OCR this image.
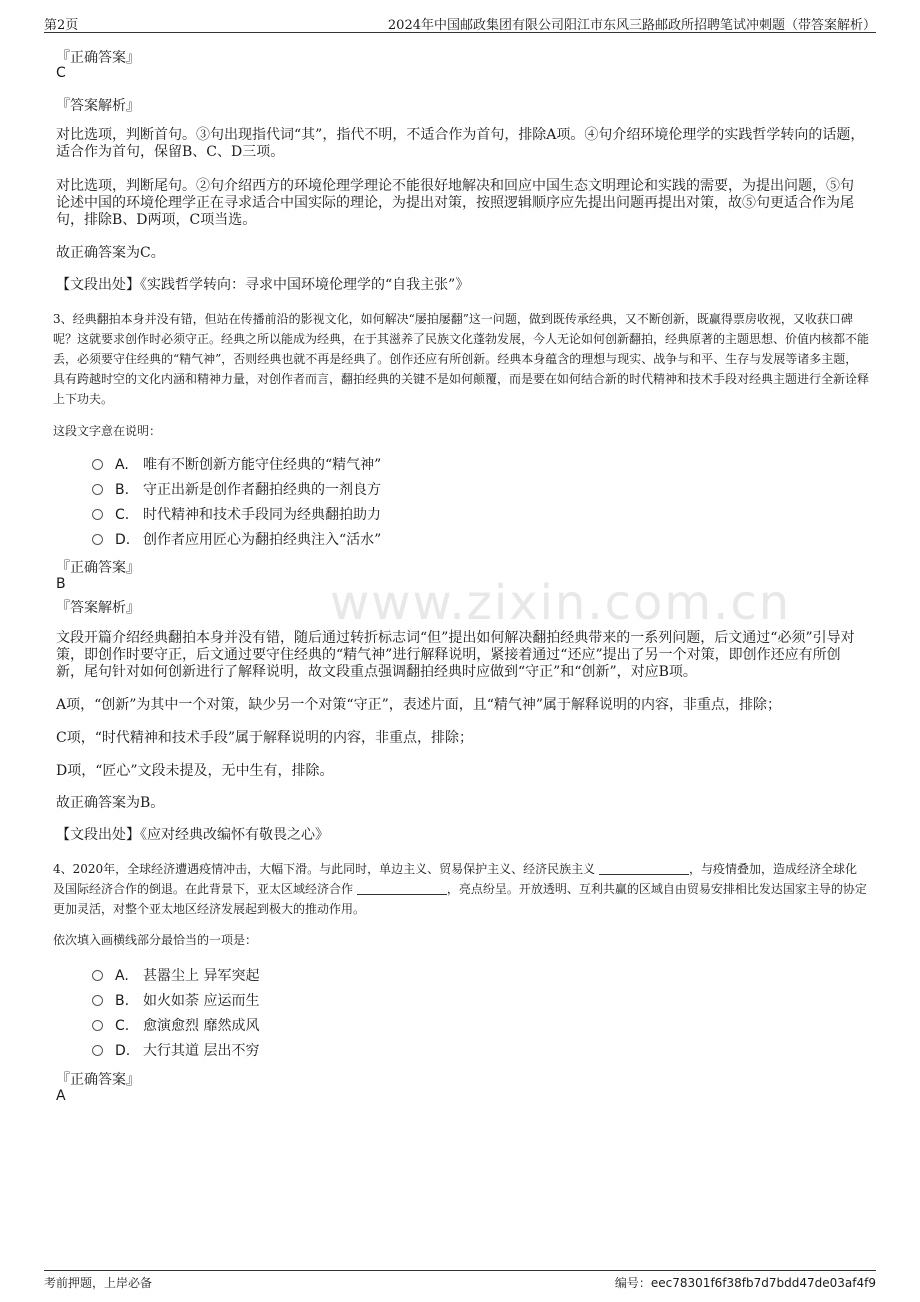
第2页	2024年中国邮政集团有限公司阳江市东风三路邮政所招聘笔试冲刺题（带答案解析）
www.zixin.com.cn
『正确答案』
C
『答案解析』
对比选项，判断首句。③句出现指代词“其”，指代不明，不适合作为首句，排除A项。④句介绍环境伦理学的实践哲学转向的话题，适合作为首句，保留B、C、D三项。
对比选项，判断尾句。②句介绍西方的环境伦理学理论不能很好地解决和回应中国生态文明理论和实践的需要，为提出问题，⑤句论述中国的环境伦理学正在寻求适合中国实际的理论，为提出对策，按照逻辑顺序应先提出问题再提出对策，故⑤句更适合作为尾句，排除B、D两项，C项当选。
故正确答案为C。
【文段出处】《实践哲学转向：寻求中国环境伦理学的“自我主张”》
3、经典翻拍本身并没有错，但站在传播前沿的影视文化，如何解决“屡拍屡翻”这一问题，做到既传承经典，又不断创新，既赢得票房收视，又收获口碑呢？这就要求创作时必须守正。经典之所以能成为经典，在于其滋养了民族文化蓬勃发展，今人无论如何创新翻拍，经典原著的主题思想、价值内核都不能丢，必须要守住经典的“精气神”，否则经典也就不再是经典了。创作还应有所创新。经典本身蕴含的理想与现实、战争与和平、生存与发展等诸多主题，具有跨越时空的文化内涵和精神力量，对创作者而言，翻拍经典的关键不是如何颠覆，而是要在如何结合新的时代精神和技术手段对经典主题进行全新诠释上下功夫。
这段文字意在说明：
A. 唯有不断创新方能守住经典的“精气神”
B. 守正出新是创作者翻拍经典的一剂良方
C. 时代精神和技术手段同为经典翻拍助力
D. 创作者应用匠心为翻拍经典注入“活水”
『正确答案』
B
『答案解析』
文段开篇介绍经典翻拍本身并没有错，随后通过转折标志词“但”提出如何解决翻拍经典带来的一系列问题，后文通过“必须”引导对策，即创作时要守正，后文通过要守住经典的“精气神”进行解释说明，紧接着通过“还应”提出了另一个对策，即创作还应有所创新，尾句针对如何创新进行了解释说明，故文段重点强调翻拍经典时应做到“守正”和“创新”，对应B项。
A项，“创新”为其中一个对策，缺少另一个对策“守正”，表述片面，且“精气神”属于解释说明的内容，非重点，排除；
C项，“时代精神和技术手段”属于解释说明的内容，非重点，排除；
D项，“匠心”文段未提及，无中生有，排除。
故正确答案为B。
【文段出处】《应对经典改编怀有敬畏之心》
4、2020年，全球经济遭遇疫情冲击，大幅下滑。与此同时，单边主义、贸易保护主义、经济民族主义	，与疫情叠加，造成经济全球化及国际经济合作的倒退。在此背景下，亚太区域经济合作	，亮点纷呈。开放透明、互利共赢的区域自由贸易安排相比发达国家主导的协定更加灵活，对整个亚太地区经济发展起到极大的推动作用。
依次填入画横线部分最恰当的一项是：
A. 甚嚣尘上 异军突起
B. 如火如荼 应运而生
C. 愈演愈烈 靡然成风
D. 大行其道 层出不穷
『正确答案』
A
考前押题，上岸必备	编号：eec78301f6f38fb7d7bdd47de03af4f9
